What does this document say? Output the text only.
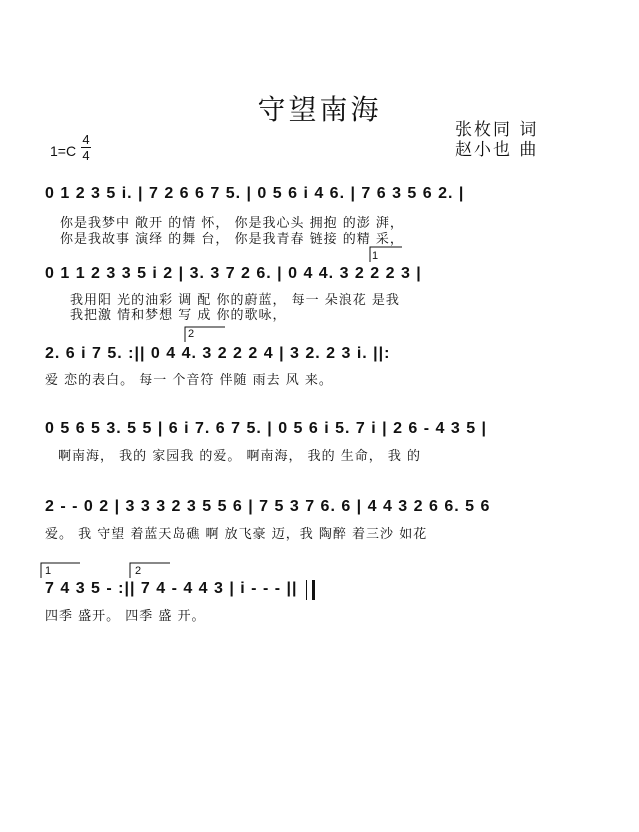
守望南海
张枚同 词
赵小也 曲
1=C
4
4
0 1 2 3 5 i. | 7 2 6 6 7 5. | 0 5 6 i 4 6. | 7 6 3 5 6 2. |
你是我梦中 敞开 的情 怀， 你是我心头 拥抱 的澎 湃，
你是我故事 演绎 的舞 台， 你是我青春 链接 的精 采，
1
0 1 1 2 3 3 5 i 2 | 3. 3 7 2 6. | 0 4 4. 3 2 2 2 3 |
我用阳 光的油彩 调 配 你的蔚蓝， 每一 朵浪花 是我
我把激 情和梦想 写 成 你的歌咏，
2
2. 6 i 7 5. :|| 0 4 4. 3 2 2 2 4 | 3 2. 2 3 i. ||:
爱 恋的表白。 每一 个音符 伴随 雨去 风 来。
0 5 6 5 3. 5 5 | 6 i 7. 6 7 5. | 0 5 6 i 5. 7 i | 2 6 - 4 3 5 |
啊南海， 我的 家园我 的爱。 啊南海， 我的 生命， 我 的
2 - - 0 2 | 3 3 3 2 3 5 5 6 | 7 5 3 7 6. 6 | 4 4 3 2 6 6. 5 6
爱。 我 守望 着蓝天岛礁 啊 放飞豪 迈，我 陶醉 着三沙 如花
1	2
7 4 3 5 - :|| 7 4 - 4 4 3 | i - - - ||
四季 盛开。 四季 盛 开。
